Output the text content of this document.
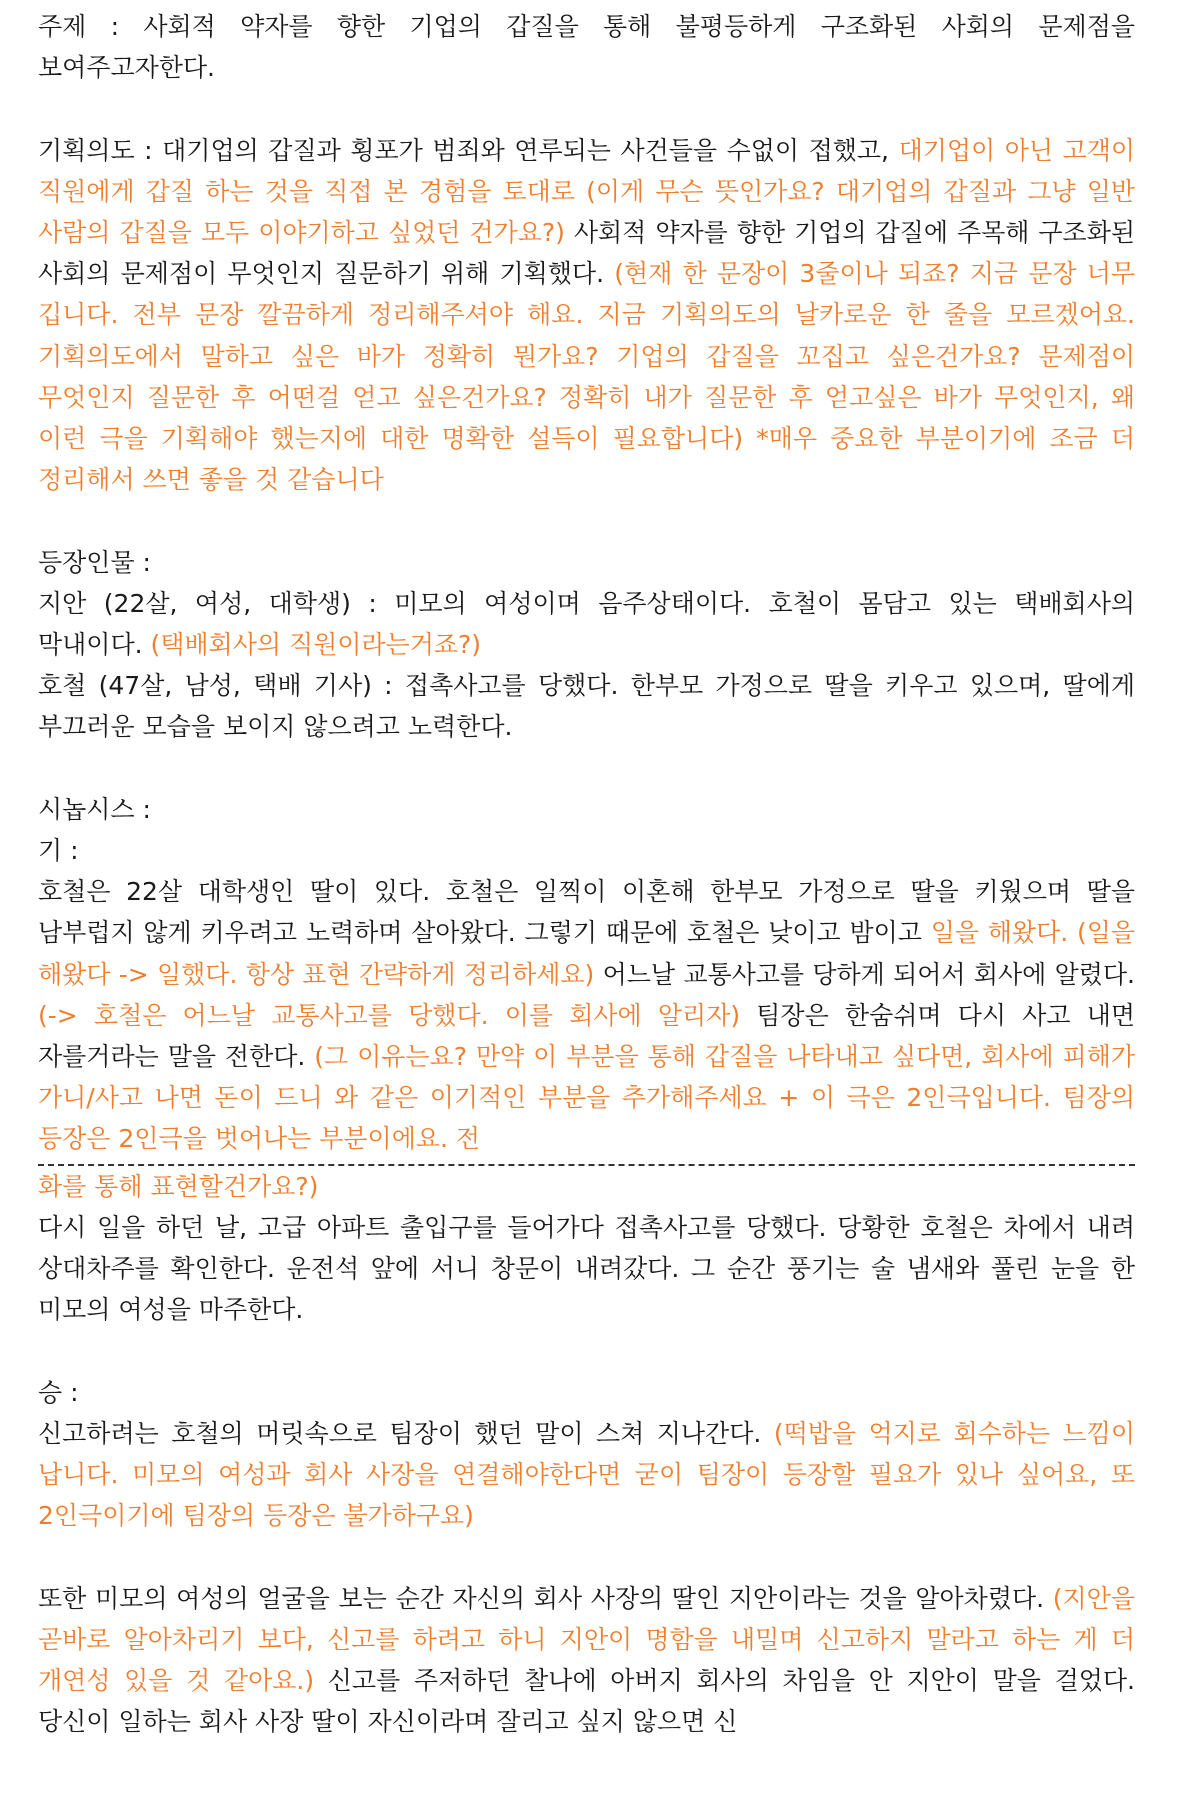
주제 : 사회적 약자를 향한 기업의 갑질을 통해 불평등하게 구조화된 사회의 문제점을 보여주고자한다.

기획의도 : 대기업의 갑질과 횡포가 범죄와 연루되는 사건들을 수없이 접했고, 대기업이 아닌 고객이 직원에게 갑질 하는 것을 직접 본 경험을 토대로 (이게 무슨 뜻인가요? 대기업의 갑질과 그냥 일반 사람의 갑질을 모두 이야기하고 싶었던 건가요?) 사회적 약자를 향한 기업의 갑질에 주목해 구조화된 사회의 문제점이 무엇인지 질문하기 위해 기획했다. (현재 한 문장이 3줄이나 되죠? 지금 문장 너무 깁니다. 전부 문장 깔끔하게 정리해주셔야 해요. 지금 기획의도의 날카로운 한 줄을 모르겠어요. 기획의도에서 말하고 싶은 바가 정확히 뭔가요? 기업의 갑질을 꼬집고 싶은건가요? 문제점이 무엇인지 질문한 후 어떤걸 얻고 싶은건가요? 정확히 내가 질문한 후 얻고싶은 바가 무엇인지, 왜 이런 극을 기획해야 했는지에 대한 명확한 설득이 필요합니다) *매우 중요한 부분이기에 조금 더 정리해서 쓰면 좋을 것 같습니다

등장인물 :

지안 (22살, 여성, 대학생) : 미모의 여성이며 음주상태이다. 호철이 몸담고 있는 택배회사의 막내이다. (택배회사의 직원이라는거죠?)

호철 (47살, 남성, 택배 기사) : 접촉사고를 당했다. 한부모 가정으로 딸을 키우고 있으며, 딸에게 부끄러운 모습을 보이지 않으려고 노력한다.

시놉시스 :

기 :

호철은 22살 대학생인 딸이 있다. 호철은 일찍이 이혼해 한부모 가정으로 딸을 키웠으며 딸을 남부럽지 않게 키우려고 노력하며 살아왔다. 그렇기 때문에 호철은 낮이고 밤이고 일을 해왔다. (일을 해왔다 -> 일했다. 항상 표현 간략하게 정리하세요) 어느날 교통사고를 당하게 되어서 회사에 알렸다. (-> 호철은 어느날 교통사고를 당했다. 이를 회사에 알리자) 팀장은 한숨쉬며 다시 사고 내면 자를거라는 말을 전한다. (그 이유는요? 만약 이 부분을 통해 갑질을 나타내고 싶다면, 회사에 피해가 가니/사고 나면 돈이 드니 와 같은 이기적인 부분을 추가해주세요 + 이 극은 2인극입니다. 팀장의 등장은 2인극을 벗어나는 부분이에요. 전

화를 통해 표현할건가요?)

다시 일을 하던 날, 고급 아파트 출입구를 들어가다 접촉사고를 당했다. 당황한 호철은 차에서 내려 상대차주를 확인한다. 운전석 앞에 서니 창문이 내려갔다. 그 순간 풍기는 술 냄새와 풀린 눈을 한 미모의 여성을 마주한다.

승 :

신고하려는 호철의 머릿속으로 팀장이 했던 말이 스쳐 지나간다. (떡밥을 억지로 회수하는 느낌이 납니다. 미모의 여성과 회사 사장을 연결해야한다면 굳이 팀장이 등장할 필요가 있나 싶어요, 또 2인극이기에 팀장의 등장은 불가하구요)

또한 미모의 여성의 얼굴을 보는 순간 자신의 회사 사장의 딸인 지안이라는 것을 알아차렸다. (지안을 곧바로 알아차리기 보다, 신고를 하려고 하니 지안이 명함을 내밀며 신고하지 말라고 하는 게 더 개연성 있을 것 같아요.) 신고를 주저하던 찰나에 아버지 회사의 차임을 안 지안이 말을 걸었다. 당신이 일하는 회사 사장 딸이 자신이라며 잘리고 싶지 않으면 신
